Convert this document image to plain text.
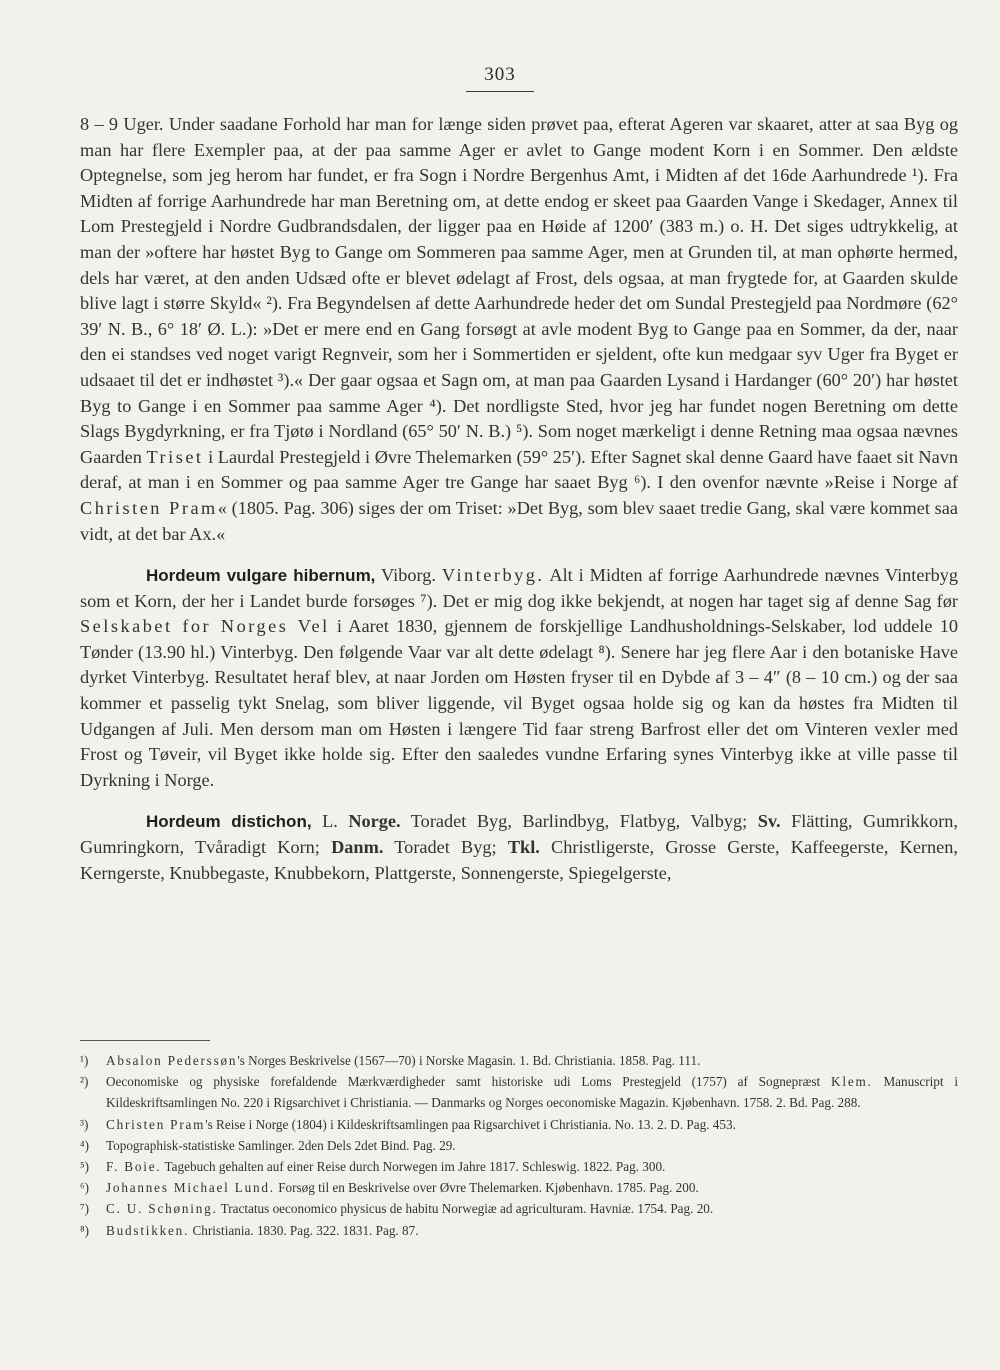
303

8 – 9 Uger. Under saadane Forhold har man for længe siden prøvet paa, efterat Ageren var skaaret, atter at saa Byg og man har flere Exempler paa, at der paa samme Ager er avlet to Gange modent Korn i en Sommer. Den ældste Optegnelse, som jeg herom har fundet, er fra Sogn i Nordre Bergenhus Amt, i Midten af det 16de Aarhundrede ¹). Fra Midten af forrige Aarhundrede har man Beretning om, at dette endog er skeet paa Gaarden Vange i Skedager, Annex til Lom Prestegjeld i Nordre Gudbrandsdalen, der ligger paa en Høide af 1200′ (383 m.) o. H. Det siges udtrykkelig, at man der »oftere har høstet Byg to Gange om Sommeren paa samme Ager, men at Grunden til, at man ophørte hermed, dels har været, at den anden Udsæd ofte er blevet ødelagt af Frost, dels ogsaa, at man frygtede for, at Gaarden skulde blive lagt i større Skyld« ²). Fra Begyndelsen af dette Aarhundrede heder det om Sundal Prestegjeld paa Nordmøre (62° 39′ N. B., 6° 18′ Ø. L.): »Det er mere end en Gang forsøgt at avle modent Byg to Gange paa en Sommer, da der, naar den ei standses ved noget varigt Regnveir, som her i Sommertiden er sjeldent, ofte kun medgaar syv Uger fra Byget er udsaaet til det er indhøstet ³).« Der gaar ogsaa et Sagn om, at man paa Gaarden Lysand i Hardanger (60° 20′) har høstet Byg to Gange i en Sommer paa samme Ager ⁴). Det nordligste Sted, hvor jeg har fundet nogen Beretning om dette Slags Bygdyrkning, er fra Tjøtø i Nordland (65° 50′ N. B.) ⁵). Som noget mærkeligt i denne Retning maa ogsaa nævnes Gaarden Triset i Laurdal Prestegjeld i Øvre Thelemarken (59° 25′). Efter Sagnet skal denne Gaard have faaet sit Navn deraf, at man i en Sommer og paa samme Ager tre Gange har saaet Byg ⁶). I den ovenfor nævnte »Reise i Norge af Christen Pram« (1805. Pag. 306) siges der om Triset: »Det Byg, som blev saaet tredie Gang, skal være kommet saa vidt, at det bar Ax.«

Hordeum vulgare hibernum, Viborg. Vinterbyg. Alt i Midten af forrige Aarhundrede nævnes Vinterbyg som et Korn, der her i Landet burde forsøges ⁷). Det er mig dog ikke bekjendt, at nogen har taget sig af denne Sag før Selskabet for Norges Vel i Aaret 1830, gjennem de forskjellige Landhusholdnings-Selskaber, lod uddele 10 Tønder (13.90 hl.) Vinterbyg. Den følgende Vaar var alt dette ødelagt ⁸). Senere har jeg flere Aar i den botaniske Have dyrket Vinterbyg. Resultatet heraf blev, at naar Jorden om Høsten fryser til en Dybde af 3 – 4″ (8 – 10 cm.) og der saa kommer et passelig tykt Snelag, som bliver liggende, vil Byget ogsaa holde sig og kan da høstes fra Midten til Udgangen af Juli. Men dersom man om Høsten i længere Tid faar streng Barfrost eller det om Vinteren vexler med Frost og Tøveir, vil Byget ikke holde sig. Efter den saaledes vundne Erfaring synes Vinterbyg ikke at ville passe til Dyrkning i Norge.

Hordeum distichon, L. Norge. Toradet Byg, Barlindbyg, Flatbyg, Valbyg; Sv. Flätting, Gumrikkorn, Gumringkorn, Tvåradigt Korn; Danm. Toradet Byg; Tkl. Christligerste, Grosse Gerste, Kaffeegerste, Kernen, Kerngerste, Knubbegaste, Knubbekorn, Plattgerste, Sonnengerste, Spiegelgerste,

¹)	Absalon Pederssøn's Norges Beskrivelse (1567—70) i Norske Magasin. 1. Bd. Christiania. 1858. Pag. 111.
²)	Oeconomiske og physiske forefaldende Mærkværdigheder samt historiske udi Loms Prestegjeld (1757) af Sognepræst Klem. Manuscript i Kildeskriftsamlingen No. 220 i Rigsarchivet i Christiania. — Danmarks og Norges oeconomiske Magazin. Kjøbenhavn. 1758. 2. Bd. Pag. 288.
³)	Christen Pram's Reise i Norge (1804) i Kildeskriftsamlingen paa Rigsarchivet i Christiania. No. 13. 2. D. Pag. 453.
⁴)	Topographisk-statistiske Samlinger. 2den Dels 2det Bind. Pag. 29.
⁵)	F. Boie. Tagebuch gehalten auf einer Reise durch Norwegen im Jahre 1817. Schleswig. 1822. Pag. 300.
⁶)	Johannes Michael Lund. Forsøg til en Beskrivelse over Øvre Thelemarken. Kjøbenhavn. 1785. Pag. 200.
⁷)	C. U. Schøning. Tractatus oeconomico physicus de habitu Norwegiæ ad agriculturam. Havniæ. 1754. Pag. 20.
⁸)	Budstikken. Christiania. 1830. Pag. 322. 1831. Pag. 87.
